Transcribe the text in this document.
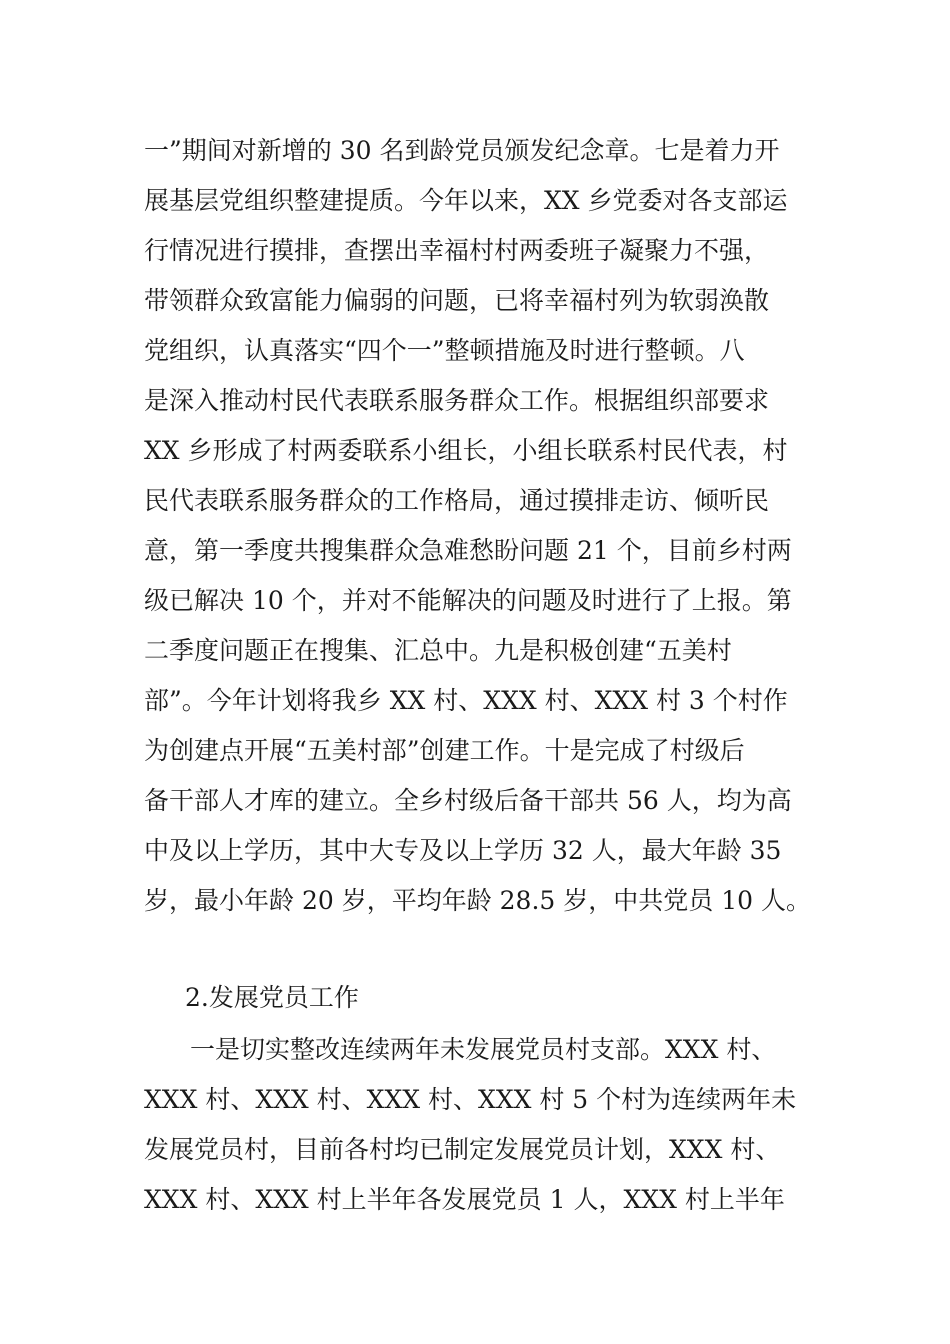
一”期间对新增的 30 名到龄党员颁发纪念章。七是着力开
展基层党组织整建提质。今年以来，XX 乡党委对各支部运
行情况进行摸排，查摆出幸福村村两委班子凝聚力不强，
带领群众致富能力偏弱的问题，已将幸福村列为软弱涣散
党组织，认真落实“四个一”整顿措施及时进行整顿。八
是深入推动村民代表联系服务群众工作。根据组织部要求
XX 乡形成了村两委联系小组长，小组长联系村民代表，村
民代表联系服务群众的工作格局，通过摸排走访、倾听民
意，第一季度共搜集群众急难愁盼问题 21 个，目前乡村两
级已解决 10 个，并对不能解决的问题及时进行了上报。第
二季度问题正在搜集、汇总中。九是积极创建“五美村
部”。今年计划将我乡 XX 村、XXX 村、XXX 村 3 个村作
为创建点开展“五美村部”创建工作。十是完成了村级后
备干部人才库的建立。全乡村级后备干部共 56 人，均为高
中及以上学历，其中大专及以上学历 32 人，最大年龄 35
岁，最小年龄 20 岁，平均年龄 28.5 岁，中共党员 10 人。
2.发展党员工作
一是切实整改连续两年未发展党员村支部。XXX 村、
XXX 村、XXX 村、XXX 村、XXX 村 5 个村为连续两年未
发展党员村，目前各村均已制定发展党员计划，XXX 村、
XXX 村、XXX 村上半年各发展党员 1 人，XXX 村上半年
